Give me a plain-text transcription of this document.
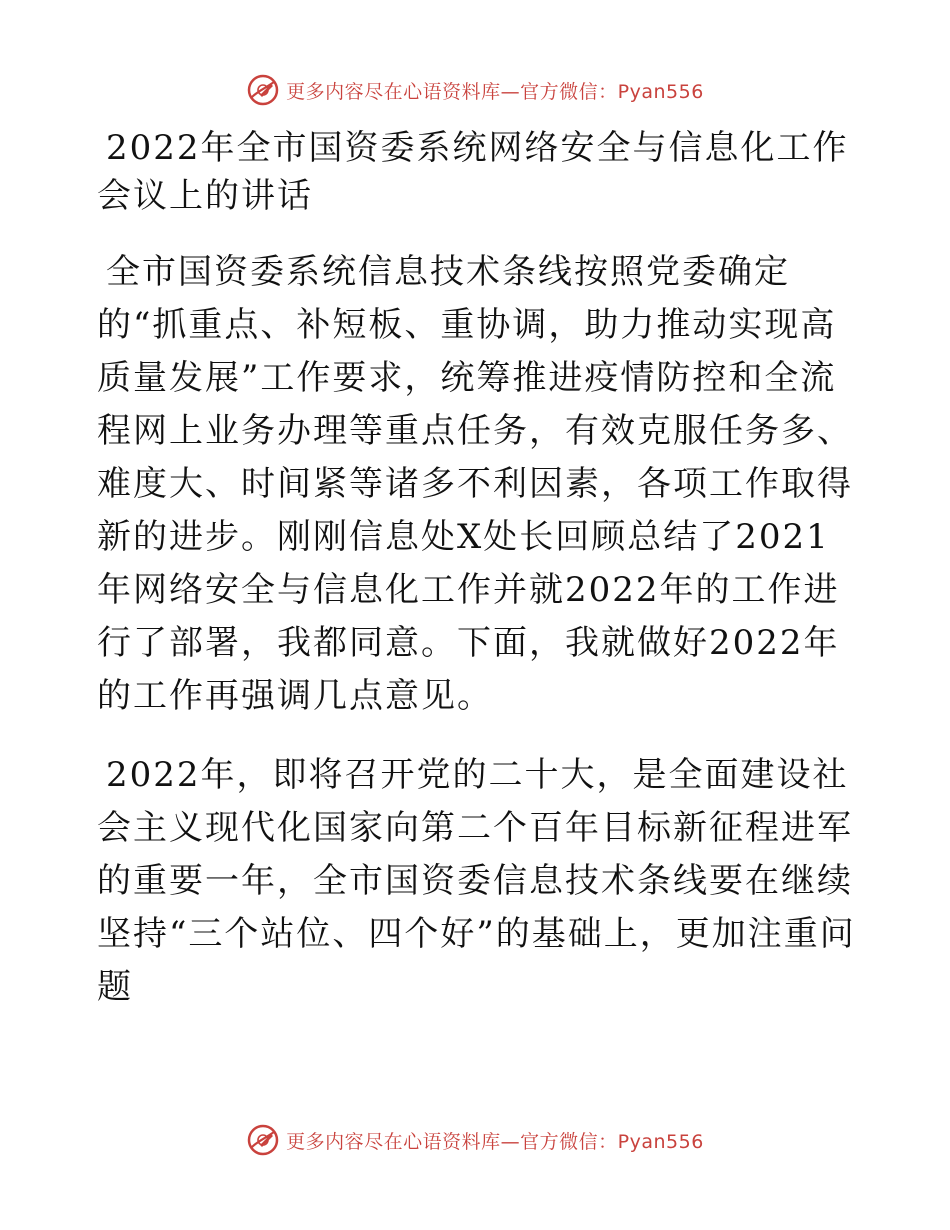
更多内容尽在心语资料库—官方微信：Pyan556
2022年全市国资委系统网络安全与信息化工作会议上的讲话

全市国资委系统信息技术条线按照党委确定的“抓重点、补短板、重协调，助力推动实现高质量发展”工作要求，统筹推进疫情防控和全流程网上业务办理等重点任务，有效克服任务多、难度大、时间紧等诸多不利因素，各项工作取得新的进步。刚刚信息处X处长回顾总结了2021年网络安全与信息化工作并就2022年的工作进行了部署，我都同意。下面，我就做好2022年的工作再强调几点意见。

2022年，即将召开党的二十大，是全面建设社会主义现代化国家向第二个百年目标新征程进军的重要一年，全市国资委信息技术条线要在继续坚持“三个站位、四个好”的基础上，更加注重问题

更多内容尽在心语资料库—官方微信：Pyan556
